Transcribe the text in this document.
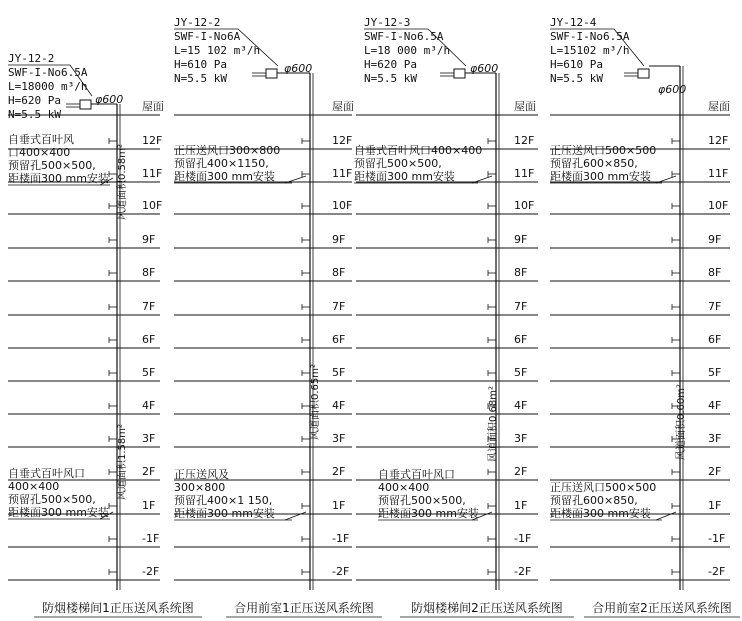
JY-12-2
SWF-I-No6.5A
L=18000 m³/h
H=620 Pa
N=5.5 kW
φ600
风道面积0.58m²
风道面积1.58m²
自垂式百叶风
口400×400
预留孔500×500,
距楼面300 mm安装
自垂式百叶风口
400×400
预留孔500×500,
距楼面300 mm安装
防烟楼梯间1正压送风系统图
JY-12-2
SWF-I-No6A
L=15 102 m³/h
H=610 Pa
N=5.5 kW
φ600
风道面积0.65m²
正压送风口300×800
预留孔400×1150,
距楼面300 mm安装
正压送风及
300×800
预留孔400×1 150,
距楼面300 mm安装
合用前室1正压送风系统图
JY-12-3
SWF-I-No6.5A
L=18 000 m³/h
H=620 Pa
N=5.5 kW
φ600
风道面积0.68m²
自垂式百叶风口400×400
预留孔500×500,
距楼面300 mm安装
自垂式百叶风口
400×400
预留孔500×500,
距楼面300 mm安装
防烟楼梯间2正压送风系统图
JY-12-4
SWF-I-No6.5A
L=15102 m³/h
H=610 Pa
N=5.5 kW
φ600
风道面积0.60m²
正压送风口500×500
预留孔600×850,
距楼面300 mm安装
正压送风口500×500
预留孔600×850,
距楼面300 mm安装
合用前室2正压送风系统图
屋面
12F
11F
10F
9F
8F
7F
6F
5F
4F
3F
2F
1F
-1F
-2F
屋面
12F
11F
10F
9F
8F
7F
6F
5F
4F
3F
2F
1F
-1F
-2F
屋面
12F
11F
10F
9F
8F
7F
6F
5F
4F
3F
2F
1F
-1F
-2F
屋面
12F
11F
10F
9F
8F
7F
6F
5F
4F
3F
2F
1F
-1F
-2F
